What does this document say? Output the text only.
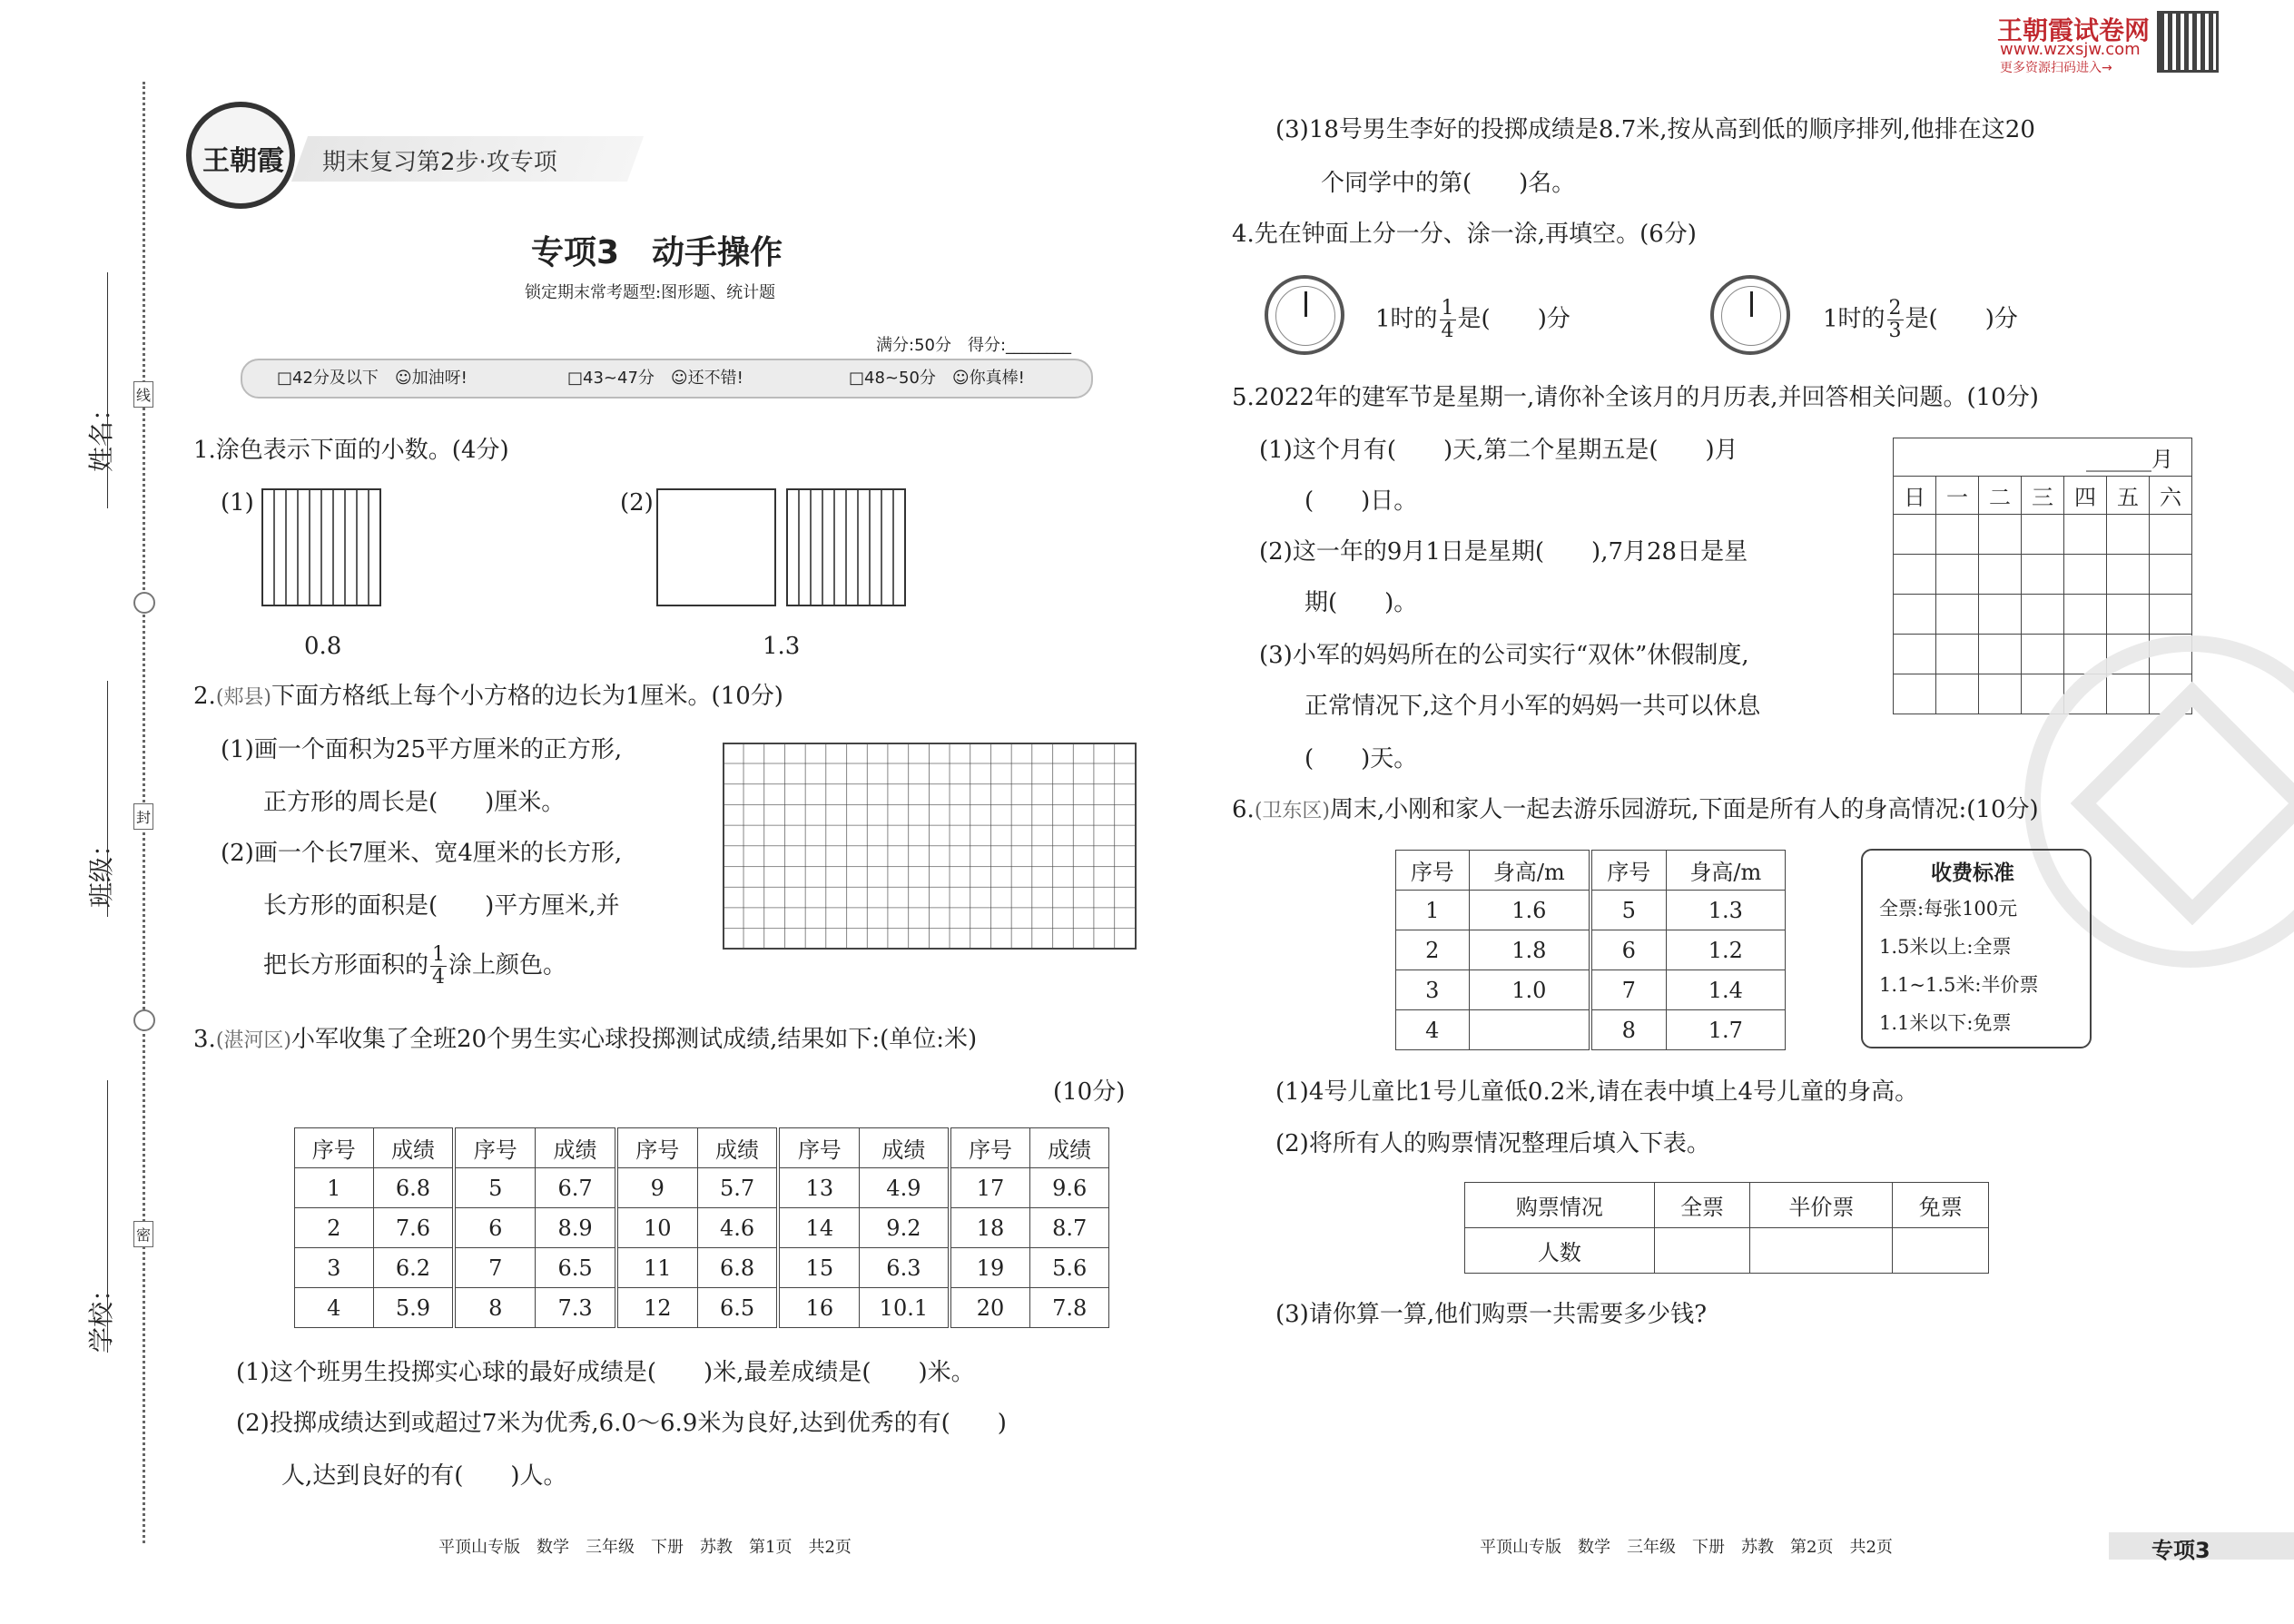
姓名：
班级：
学校：
线
封
密
王朝霞 期末复习第2步·攻专项
王朝霞试卷网
www.wzxsjw.com
更多资源扫码进入→
专项3　动手操作
锁定期末常考题型:图形题、统计题
满分:50分　得分:________
□42分及以下　 ☺加油呀!	□43~47分　 ☺还不错!	□48~50分　 ☺你真棒!
1.涂色表示下面的小数。(4分)
(1)
0.8
(2)
1.3
2.(郏县)下面方格纸上每个小方格的边长为1厘米。(10分)
(1)画一个面积为25平方厘米的正方形,
正方形的周长是(　　)厘米。
(2)画一个长7厘米、宽4厘米的长方形,
长方形的面积是(　　)平方厘米,并
把长方形面积的 $\frac{1}{4}$ 涂上颜色。
3.(湛河区)小军收集了全班20个男生实心球投掷测试成绩,结果如下:(单位:米)
(10分)
序号	成绩	序号	成绩	序号	成绩	序号	成绩	序号	成绩
1	6.8	5	6.7	9	5.7	13	4.9	17	9.6
2	7.6	6	8.9	10	4.6	14	9.2	18	8.7
3	6.2	7	6.5	11	6.8	15	6.3	19	5.6
4	5.9	8	7.3	12	6.5	16	10.1	20	7.8
(1)这个班男生投掷实心球的最好成绩是(　　)米,最差成绩是(　　)米。
(2)投掷成绩达到或超过7米为优秀,6.0～6.9米为良好,达到优秀的有(　　)
人,达到良好的有(　　)人。
平顶山专版　数学　三年级　下册　苏教　第1页　共2页
(3)18号男生李好的投掷成绩是8.7米,按从高到低的顺序排列,他排在这20
个同学中的第(　　)名。
4.先在钟面上分一分、涂一涂,再填空。(6分)
1时的 $\frac{1}{4}$ 是(　　)分	1时的 $\frac{2}{3}$ 是(　　)分
5.2022年的建军节是星期一,请你补全该月的月历表,并回答相关问题。(10分)
(1)这个月有(　　)天,第二个星期五是(　　)月
(　　)日。
(2)这一年的9月1日是星期(　　),7月28日是星
期(　　)。
(3)小军的妈妈所在的公司实行“双休”休假制度,
正常情况下,这个月小军的妈妈一共可以休息
(　　)天。
______月						
日	一	二	三	四	五	六

6.(卫东区)周末,小刚和家人一起去游乐园游玩,下面是所有人的身高情况:(10分)
序号	身高/m	序号	身高/m
1	1.6	5	1.3
2	1.8	6	1.2
3	1.0	7	1.4
4		8	1.7
收费标准
全票:每张100元
1.5米以上:全票
1.1~1.5米:半价票
1.1米以下:免票
(1)4号儿童比1号儿童低0.2米,请在表中填上4号儿童的身高。
(2)将所有人的购票情况整理后填入下表。
购票情况	全票	半价票	免票
人数			
(3)请你算一算,他们购票一共需要多少钱?
平顶山专版　数学　三年级　下册　苏教　第2页　共2页	专项3
